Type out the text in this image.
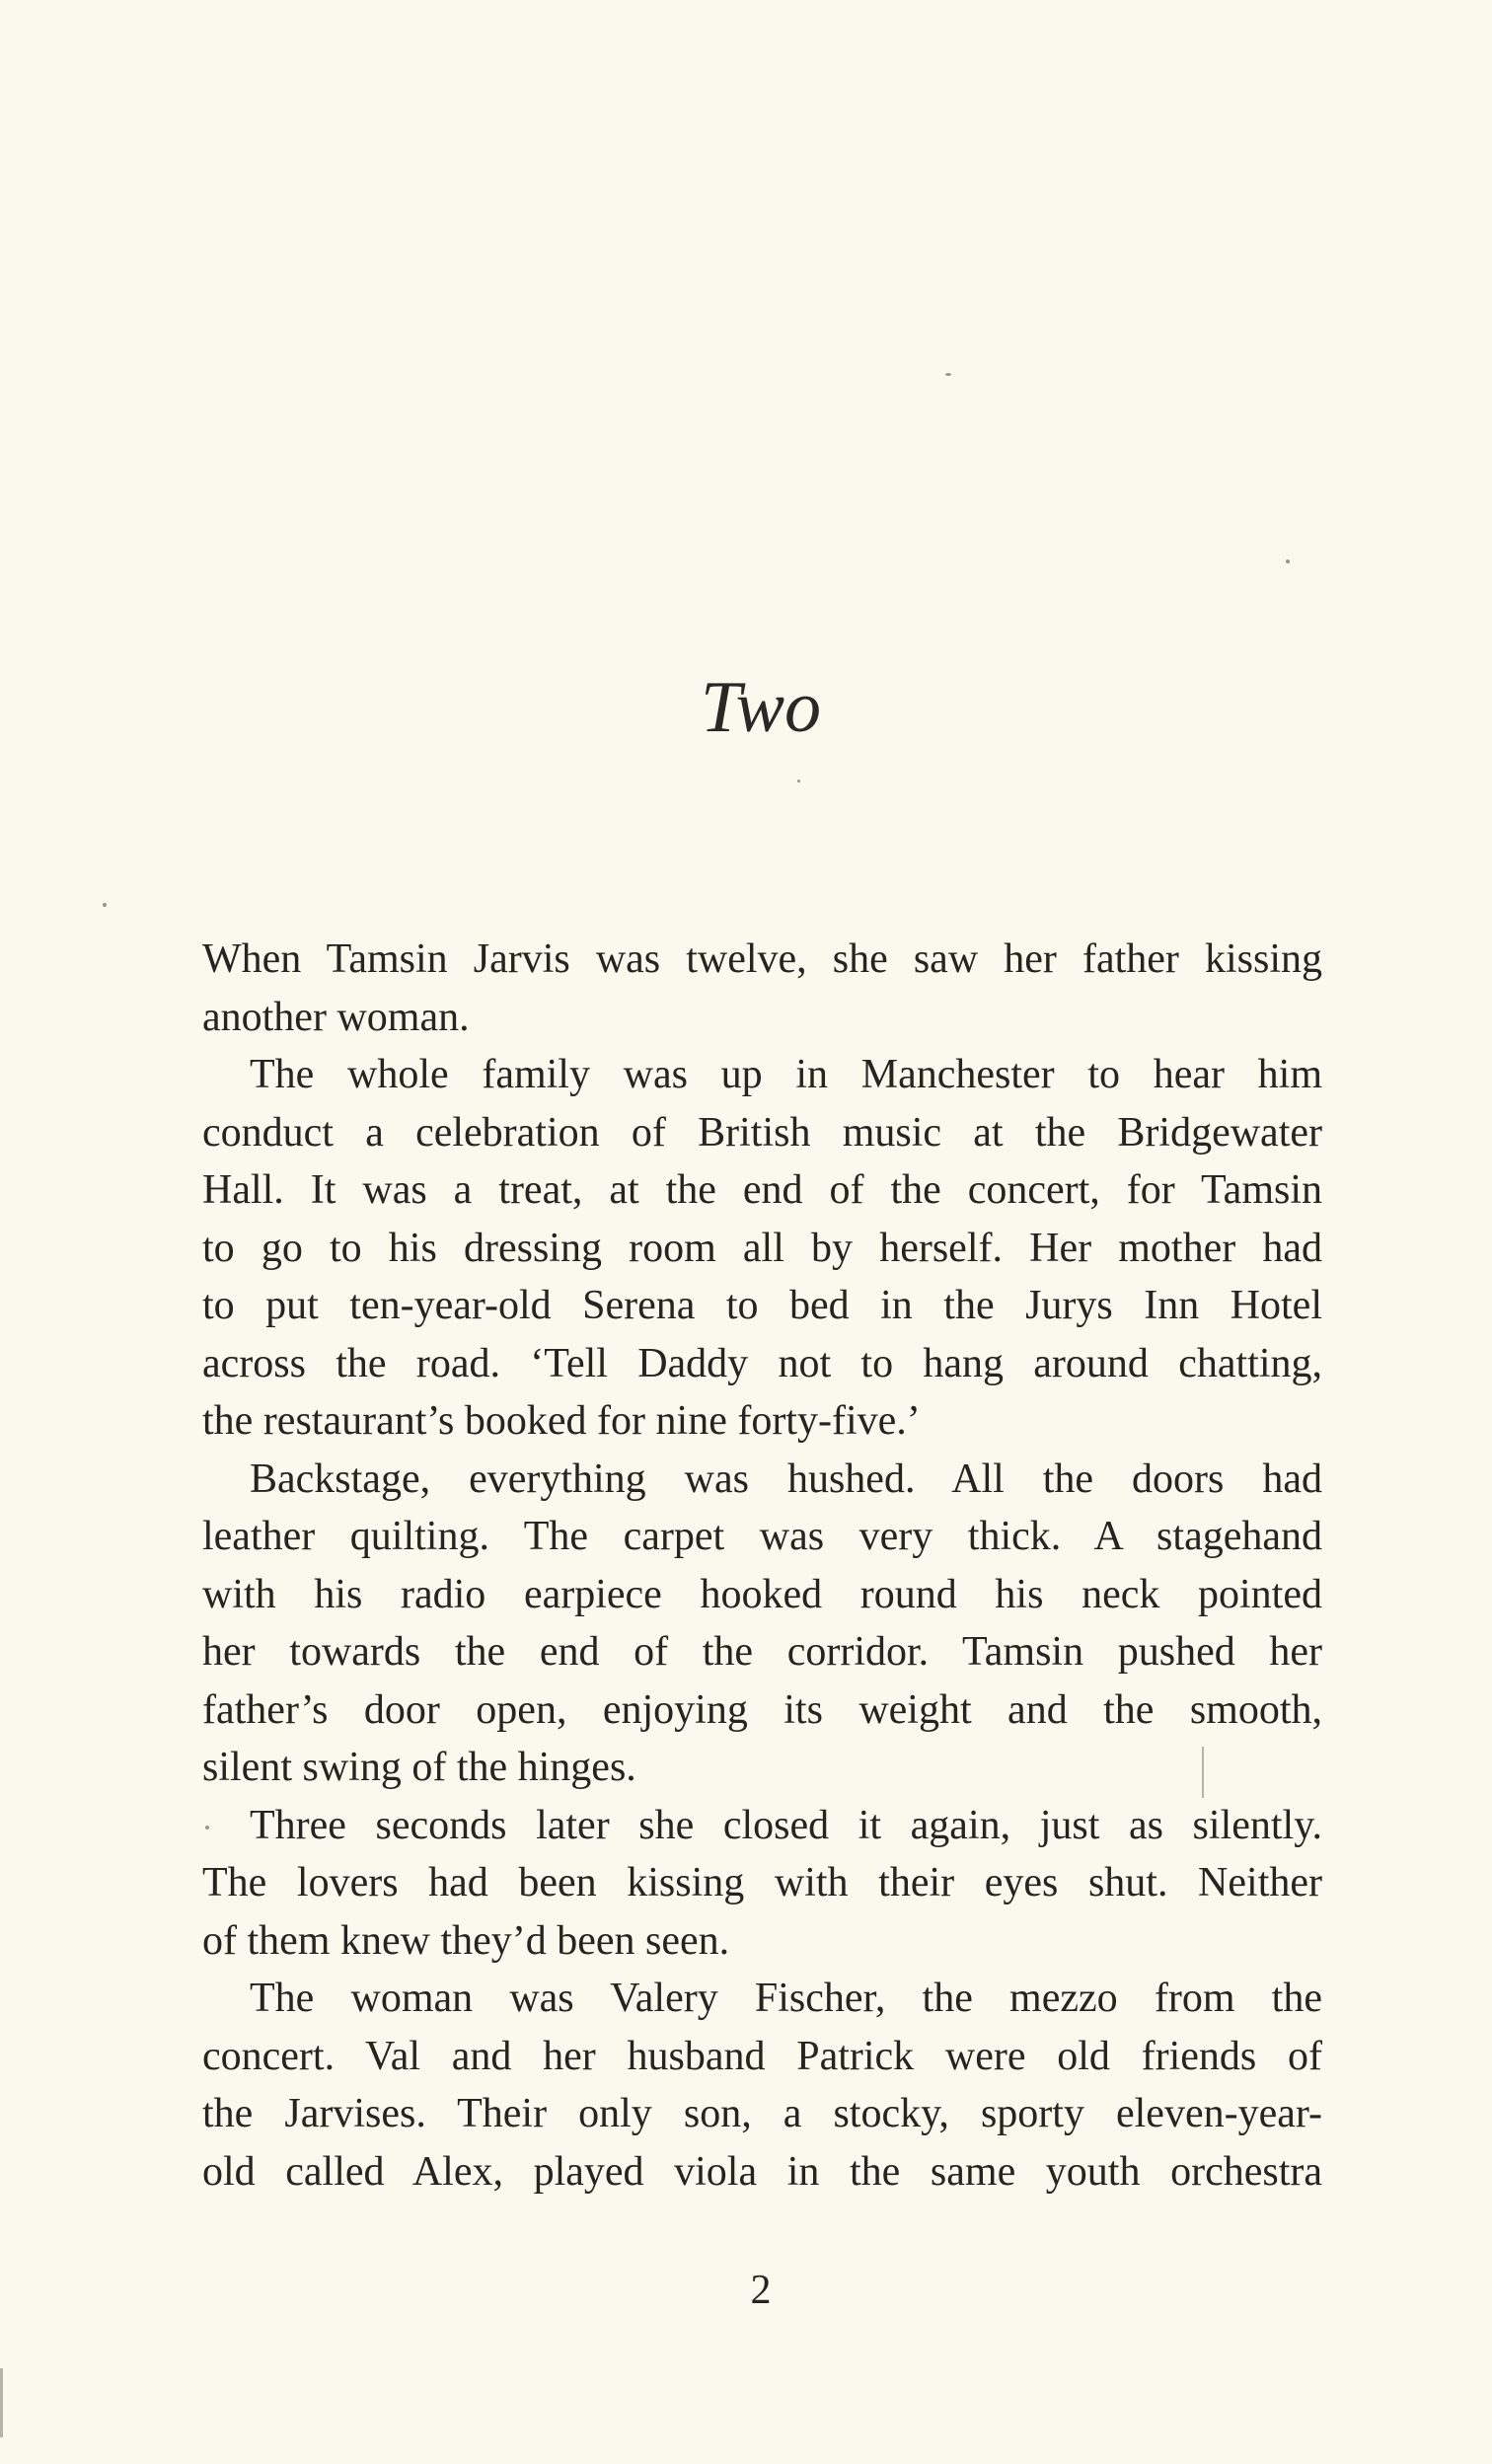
Two
When Tamsin Jarvis was twelve, she saw her father kissing
another woman.
The whole family was up in Manchester to hear him
conduct a celebration of British music at the Bridgewater
Hall. It was a treat, at the end of the concert, for Tamsin
to go to his dressing room all by herself. Her mother had
to put ten-year-old Serena to bed in the Jurys Inn Hotel
across the road. ‘Tell Daddy not to hang around chatting,
the restaurant’s booked for nine forty-five.’
Backstage, everything was hushed. All the doors had
leather quilting. The carpet was very thick. A stagehand
with his radio earpiece hooked round his neck pointed
her towards the end of the corridor. Tamsin pushed her
father’s door open, enjoying its weight and the smooth,
silent swing of the hinges.
Three seconds later she closed it again, just as silently.
The lovers had been kissing with their eyes shut. Neither
of them knew they’d been seen.
The woman was Valery Fischer, the mezzo from the
concert. Val and her husband Patrick were old friends of
the Jarvises. Their only son, a stocky, sporty eleven-year-
old called Alex, played viola in the same youth orchestra
2
